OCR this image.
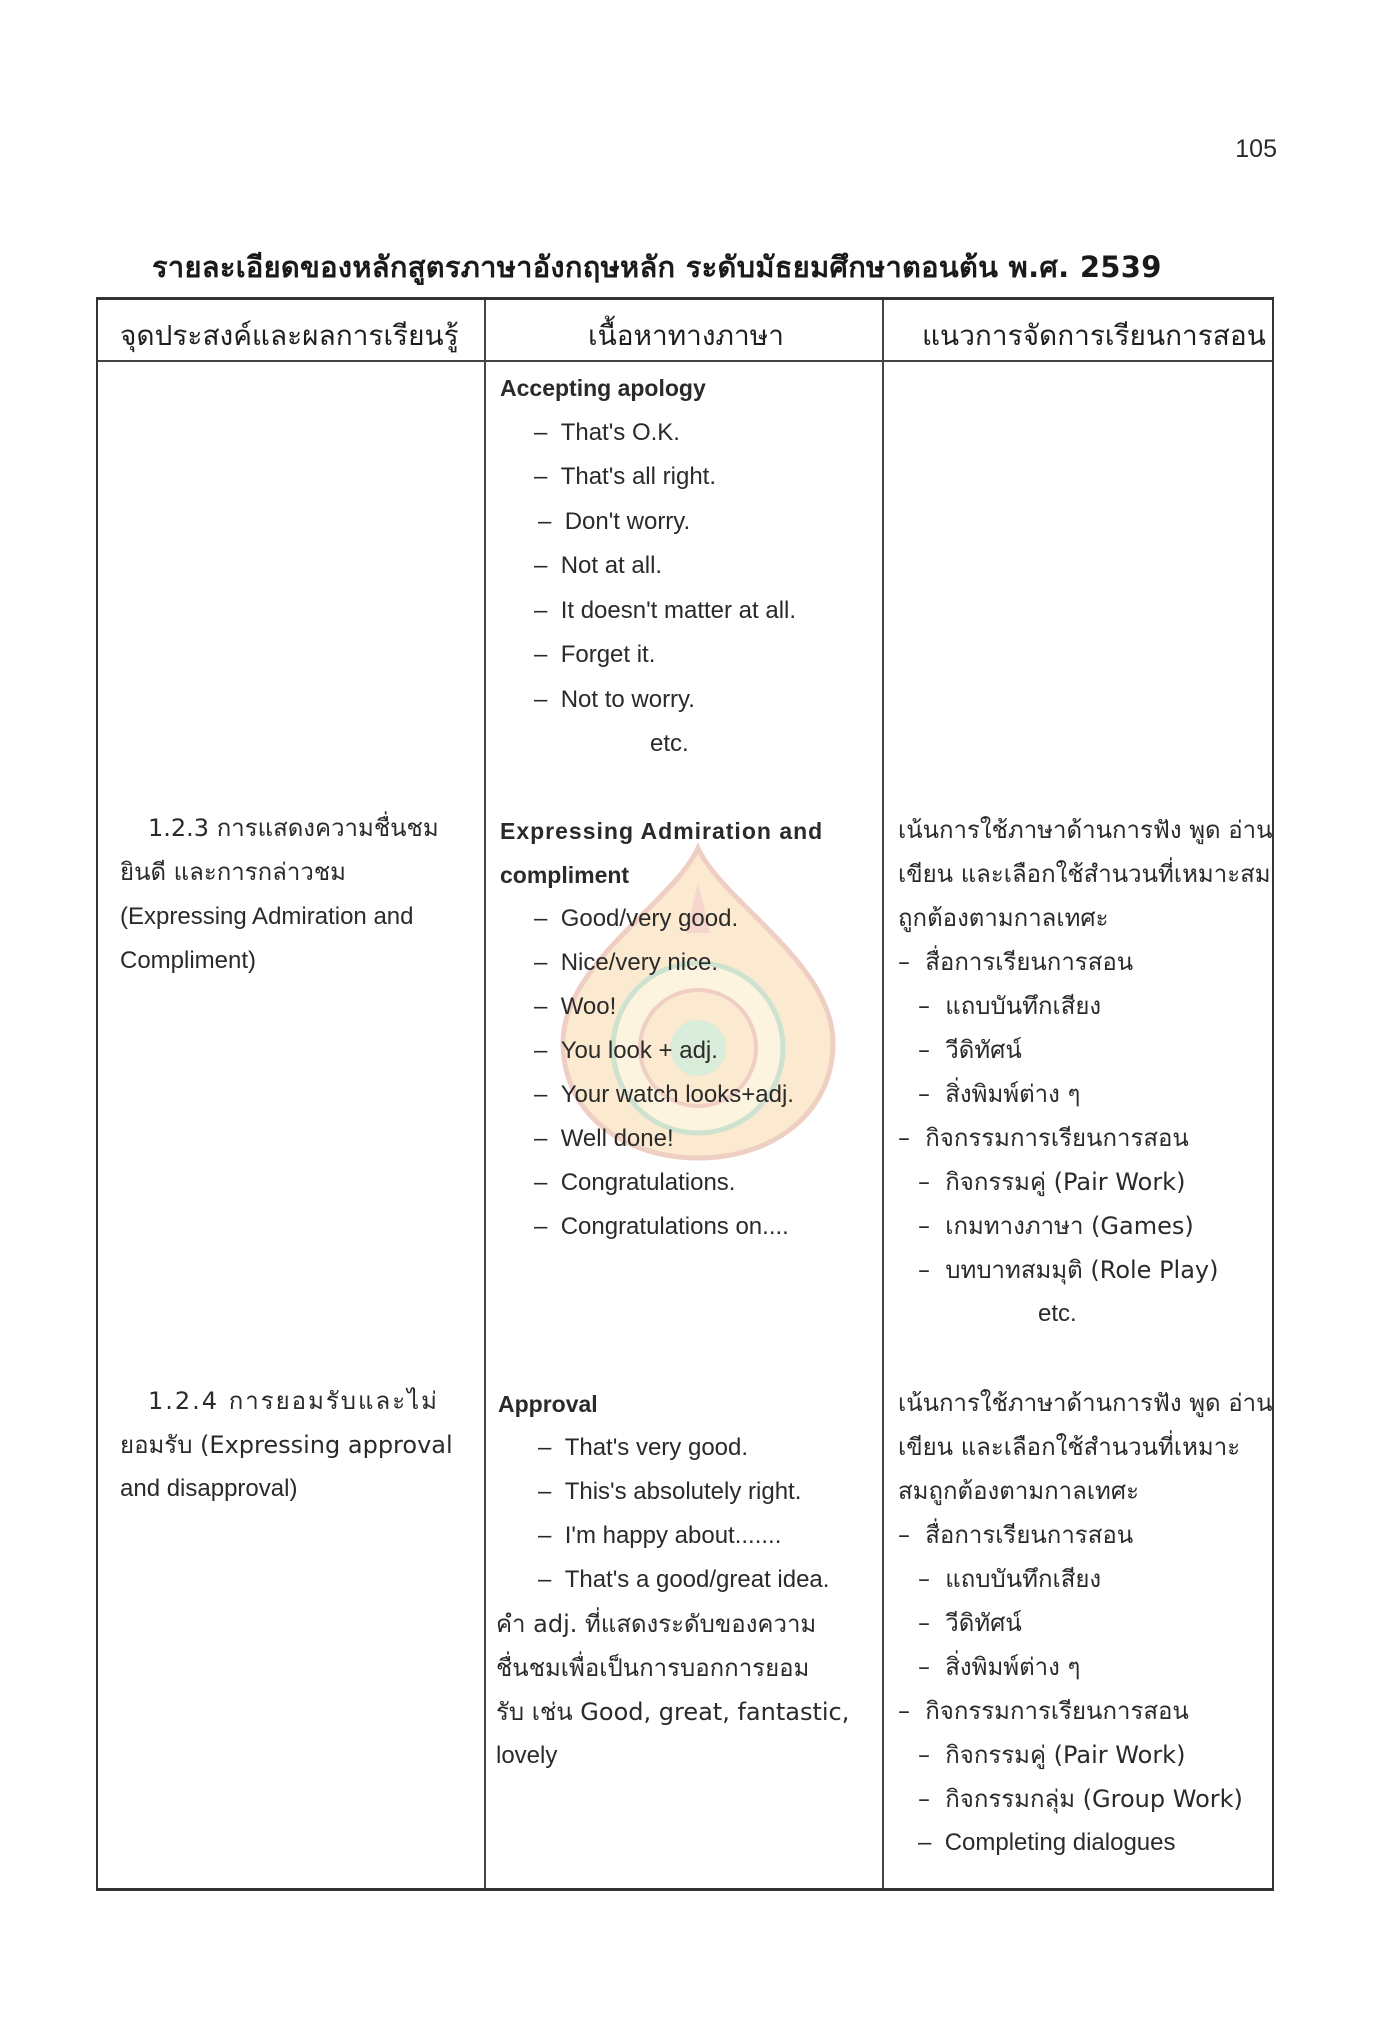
105
รายละเอียดของหลักสูตรภาษาอังกฤษหลัก ระดับมัธยมศึกษาตอนต้น พ.ศ. 2539
จุดประสงค์และผลการเรียนรู้	เนื้อหาทางภาษา	แนวการจัดการเรียนการสอน
Accepting apology
–  That's O.K.
–  That's all right.
–  Don't worry.
–  Not at all.
–  It doesn't matter at all.
–  Forget it.
–  Not to worry.
etc.
1.2.3 การแสดงความชื่นชม
ยินดี และการกล่าวชม
(Expressing Admiration and
Compliment)
Expressing Admiration and
compliment
–  Good/very good.
–  Nice/very nice.
–  Woo!
–  You look + adj.
–  Your watch looks+adj.
–  Well done!
–  Congratulations.
–  Congratulations on....
เน้นการใช้ภาษาด้านการฟัง พูด อ่าน
เขียน และเลือกใช้สำนวนที่เหมาะสม
ถูกต้องตามกาลเทศะ
–  สื่อการเรียนการสอน
–  แถบบันทึกเสียง
–  วีดิทัศน์
–  สิ่งพิมพ์ต่าง ๆ
–  กิจกรรมการเรียนการสอน
–  กิจกรรมคู่ (Pair Work)
–  เกมทางภาษา (Games)
–  บทบาทสมมุติ (Role Play)
etc.
1.2.4 การยอมรับและไม่
ยอมรับ (Expressing approval
and disapproval)
Approval
–  That's very good.
–  This's absolutely right.
–  I'm happy about.......
–  That's a good/great idea.
คำ adj. ที่แสดงระดับของความ
ชื่นชมเพื่อเป็นการบอกการยอม
รับ เช่น Good, great, fantastic,
lovely
เน้นการใช้ภาษาด้านการฟัง พูด อ่าน
เขียน และเลือกใช้สำนวนที่เหมาะ
สมถูกต้องตามกาลเทศะ
–  สื่อการเรียนการสอน
–  แถบบันทึกเสียง
–  วีดิทัศน์
–  สิ่งพิมพ์ต่าง ๆ
–  กิจกรรมการเรียนการสอน
–  กิจกรรมคู่ (Pair Work)
–  กิจกรรมกลุ่ม (Group Work)
–  Completing dialogues
